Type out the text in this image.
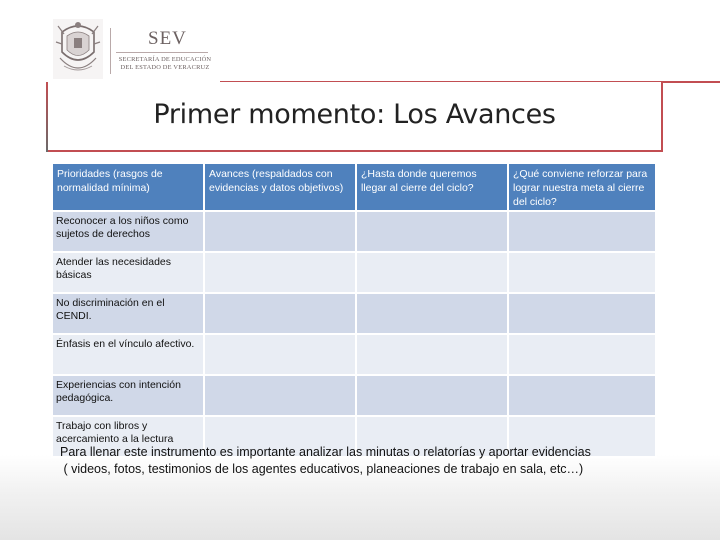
SEV
SECRETARÍA DE EDUCACIÓN
DEL ESTADO DE VERACRUZ
Primer momento: Los Avances
Prioridades (rasgos de normalidad mínima)	Avances (respaldados con evidencias y datos objetivos)	¿Hasta donde queremos llegar al cierre del ciclo?	¿Qué conviene reforzar para lograr nuestra meta al cierre del ciclo?
Reconocer a los niños como sujetos de derechos			
Atender las necesidades básicas			
No discriminación en el CENDI.			
Énfasis en el vínculo afectivo.			
Experiencias con intención pedagógica.			
Trabajo con libros y acercamiento a la lectura			
Para llenar este instrumento es importante analizar las minutas o relatorías y aportar evidencias
( videos, fotos, testimonios de los agentes educativos, planeaciones de trabajo en sala, etc…)
